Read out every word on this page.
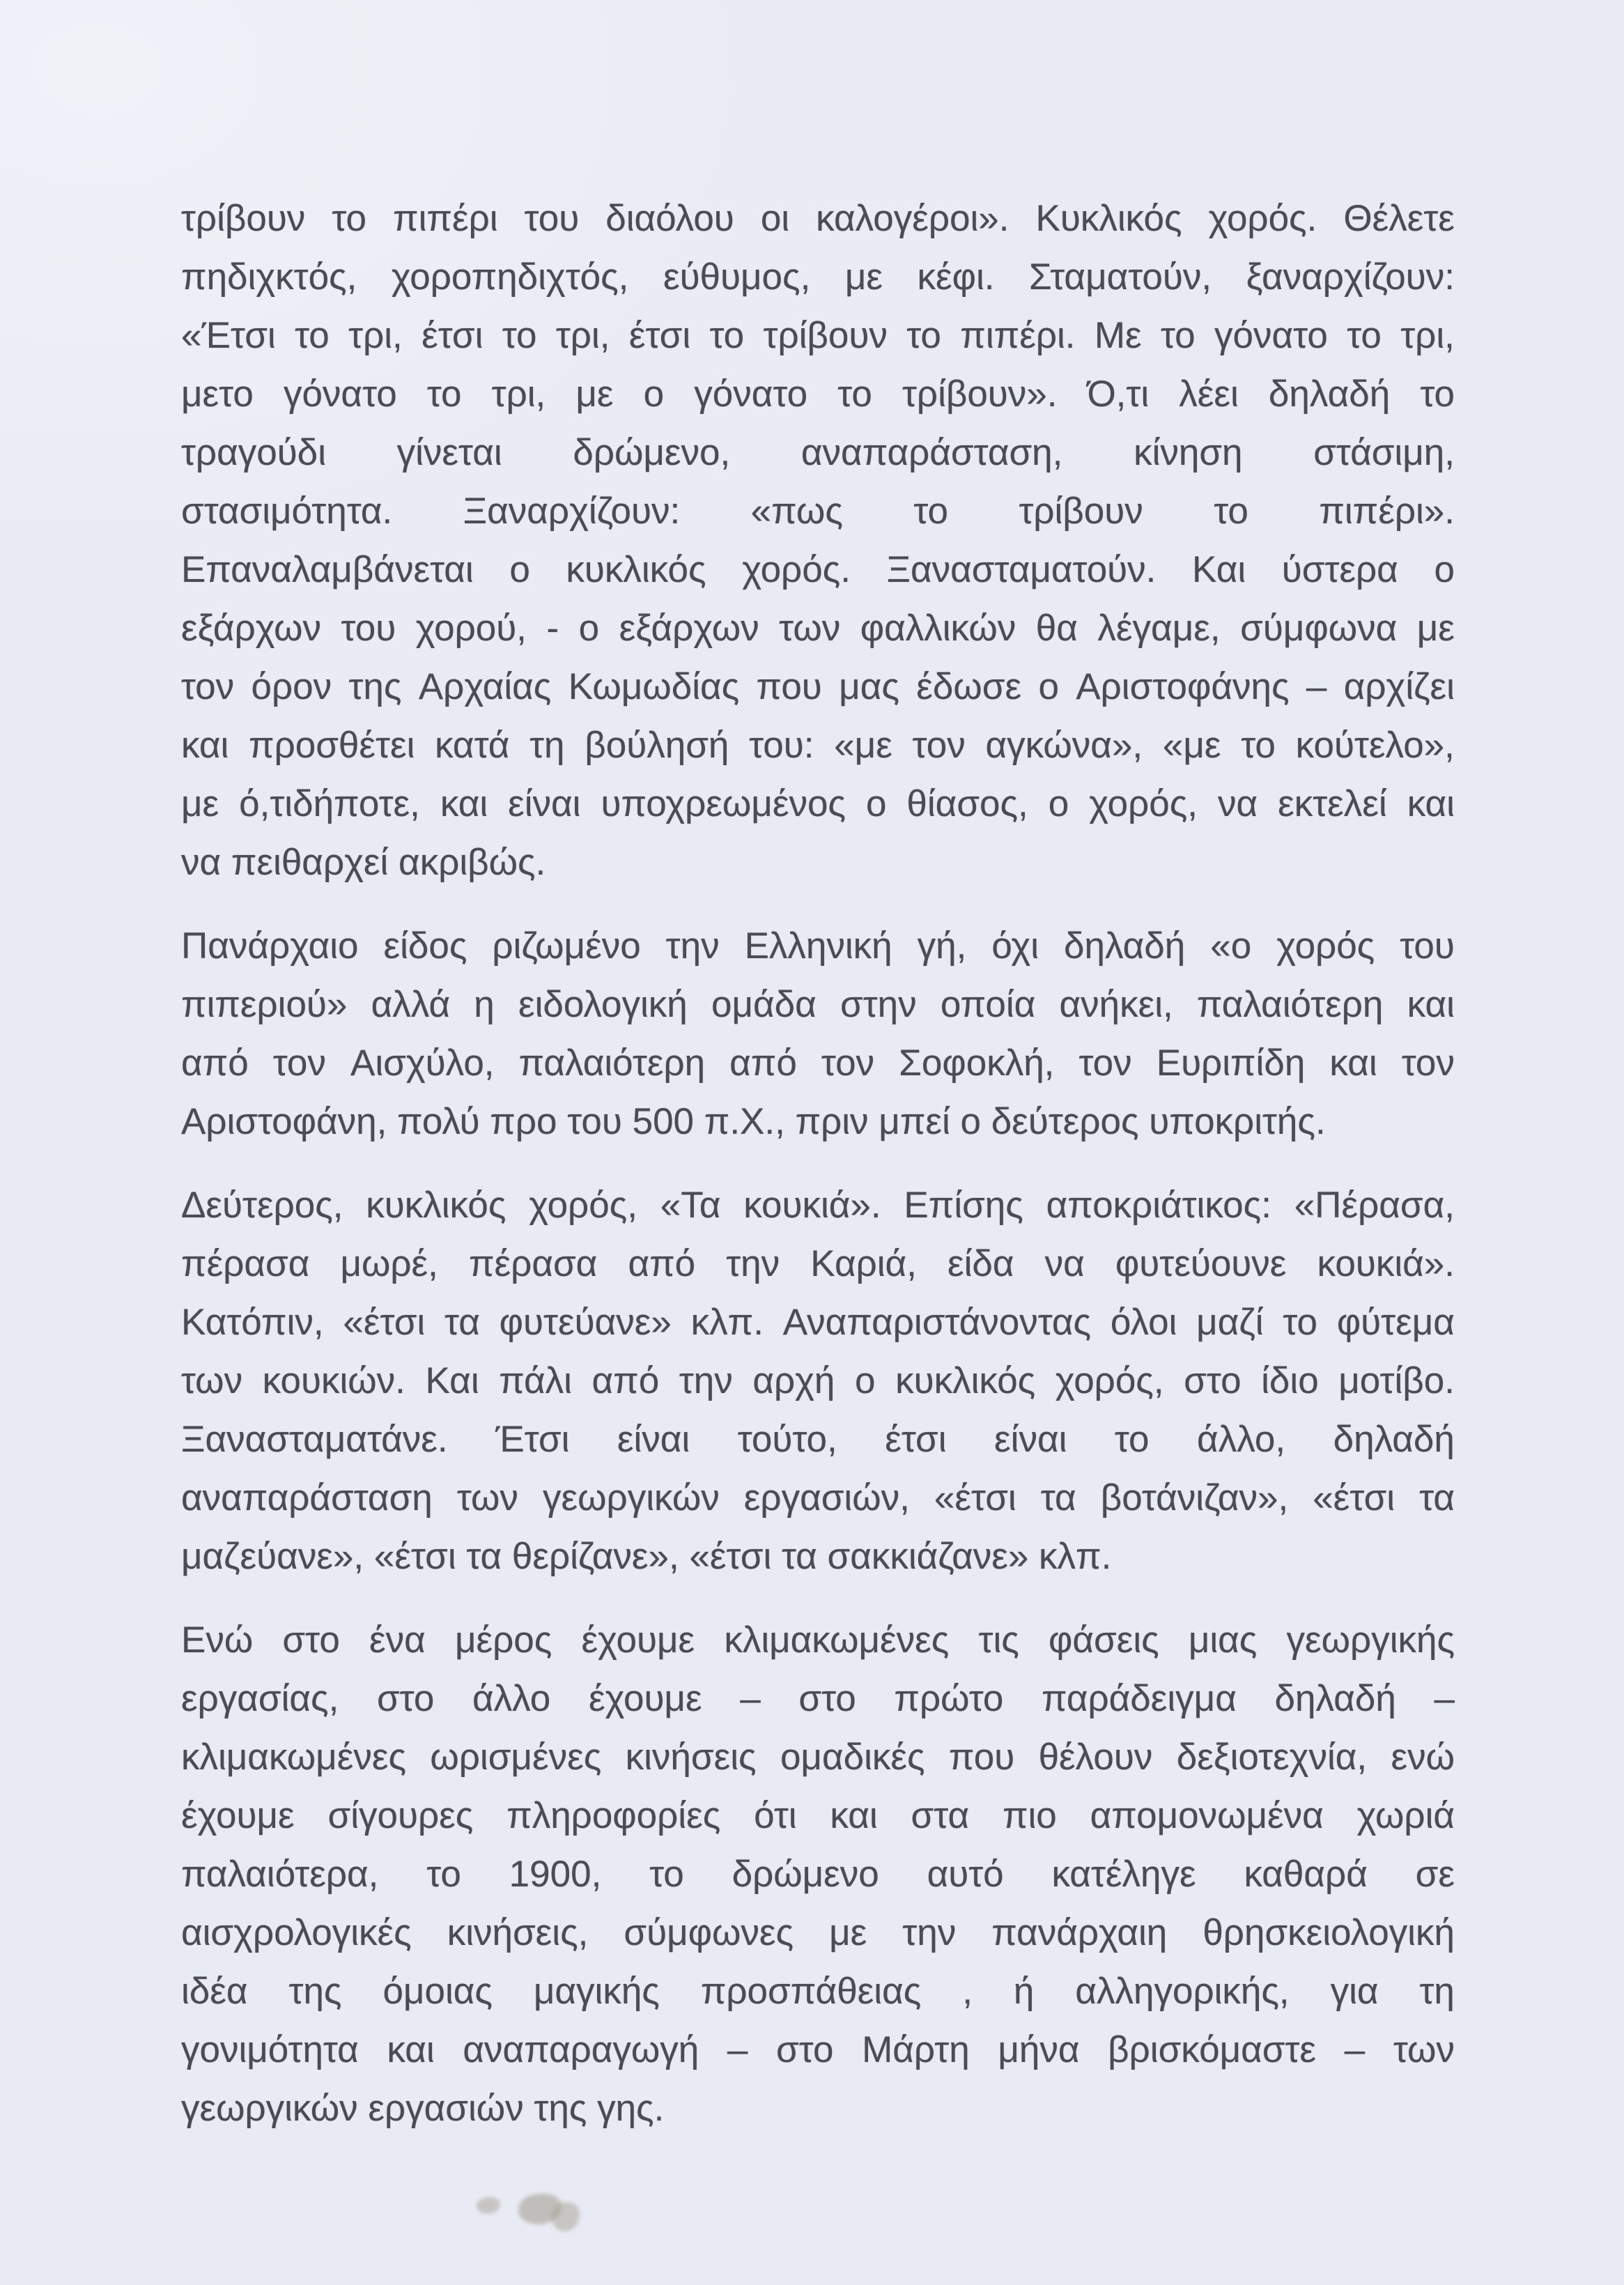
τρίβουν το πιπέρι του διαόλου οι καλογέροι». Κυκλικός χορός. Θέλετε
πηδιχκτός, χοροπηδιχτός, εύθυμος, με κέφι. Σταματούν, ξαναρχίζουν:
«Έτσι το τρι, έτσι το τρι, έτσι το τρίβουν το πιπέρι. Με το γόνατο το τρι,
μετο γόνατο το τρι, με ο γόνατο το τρίβουν». Ό,τι λέει δηλαδή το
τραγούδι γίνεται δρώμενο, αναπαράσταση, κίνηση στάσιμη,
στασιμότητα. Ξαναρχίζουν: «πως το τρίβουν το πιπέρι».
Επαναλαμβάνεται ο κυκλικός χορός. Ξανασταματούν. Και ύστερα ο
εξάρχων του χορού, - ο εξάρχων των φαλλικών θα λέγαμε, σύμφωνα με
τον όρον της Αρχαίας Κωμωδίας που μας έδωσε ο Αριστοφάνης – αρχίζει
και προσθέτει κατά τη βούλησή του: «με τον αγκώνα», «με το κούτελο»,
με ό,τιδήποτε, και είναι υποχρεωμένος ο θίασος, ο χορός, να εκτελεί και
να πειθαρχεί ακριβώς.
Πανάρχαιο είδος ριζωμένο την Ελληνική γή, όχι δηλαδή «ο χορός του
πιπεριού» αλλά η ειδολογική ομάδα στην οποία ανήκει, παλαιότερη και
από τον Αισχύλο, παλαιότερη από τον Σοφοκλή, τον Ευριπίδη και τον
Αριστοφάνη, πολύ προ του 500 π.Χ., πριν μπεί ο δεύτερος υποκριτής.
Δεύτερος, κυκλικός χορός, «Τα κουκιά». Επίσης αποκριάτικος: «Πέρασα,
πέρασα μωρέ, πέρασα από την Καριά, είδα να φυτεύουνε κουκιά».
Κατόπιν, «έτσι τα φυτεύανε» κλπ. Αναπαριστάνοντας όλοι μαζί το φύτεμα
των κουκιών. Και πάλι από την αρχή ο κυκλικός χορός, στο ίδιο μοτίβο.
Ξανασταματάνε. Έτσι είναι τούτο, έτσι είναι το άλλο, δηλαδή
αναπαράσταση των γεωργικών εργασιών, «έτσι τα βοτάνιζαν», «έτσι τα
μαζεύανε», «έτσι τα θερίζανε», «έτσι τα σακκιάζανε» κλπ.
Ενώ στο ένα μέρος έχουμε κλιμακωμένες τις φάσεις μιας γεωργικής
εργασίας, στο άλλο έχουμε – στο πρώτο παράδειγμα δηλαδή –
κλιμακωμένες ωρισμένες κινήσεις ομαδικές που θέλουν δεξιοτεχνία, ενώ
έχουμε σίγουρες πληροφορίες ότι και στα πιο απομονωμένα χωριά
παλαιότερα, το 1900, το δρώμενο αυτό κατέληγε καθαρά σε
αισχρολογικές κινήσεις, σύμφωνες με την πανάρχαιη θρησκειολογική
ιδέα της όμοιας μαγικής προσπάθειας , ή αλληγορικής, για τη
γονιμότητα και αναπαραγωγή – στο Μάρτη μήνα βρισκόμαστε – των
γεωργικών εργασιών της γης.
